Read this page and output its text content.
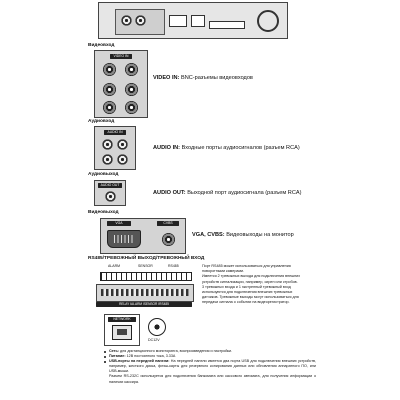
Видеовход
VIDEO IN
VIDEO IN: BNC-разъемы видеовходов
Аудиовход
AUDIO IN
AUDIO IN: Входные порты аудиосигналов (разъем RCA)
Аудиовыход
AUDIO OUT
AUDIO OUT: Выходной порт аудиосигнала (разъем RCA)
Видеовыход
VGA	CVBS
VGA, CVBS: Видеовыходы на монитор
RS485/ТРЕВОЖНЫЙ ВЫХОД/ТРЕВОЖНЫЙ ВХОД
ALARM	SENSOR	RS485
RELAY ⅠALARM ⅠSENSOR ⅠRS485
Порт RS485 может использоваться для управления
поворотными камерами.
Имеется 2 тревожных выхода для подключения внешних
устройств сигнализации, например, сирен или стробов.
3 тревожных входа и 1 экстренный тревожный вход
используются для подключения внешних тревожных
датчиков. Тревожные выходы могут использоваться для
передачи сигнала о событии на видеорегистратор.
NETWORK
DC12V
Сеть: для дистанционного мониторинга, воспроизведения и настройки.
Питание: 12В постоянного тока, 3.33А
USB-порты на передней панели: На передней панели имеется два порта USB для подключения внешних устройств, например, жесткого диска, флэш-карты для резервного копирования данных или обновления аппаратного ПО, или USB-мыши.
Разъем RS-232C используется для подключения банкомата или кассового автомата, для получения информации о наличии кассира.
